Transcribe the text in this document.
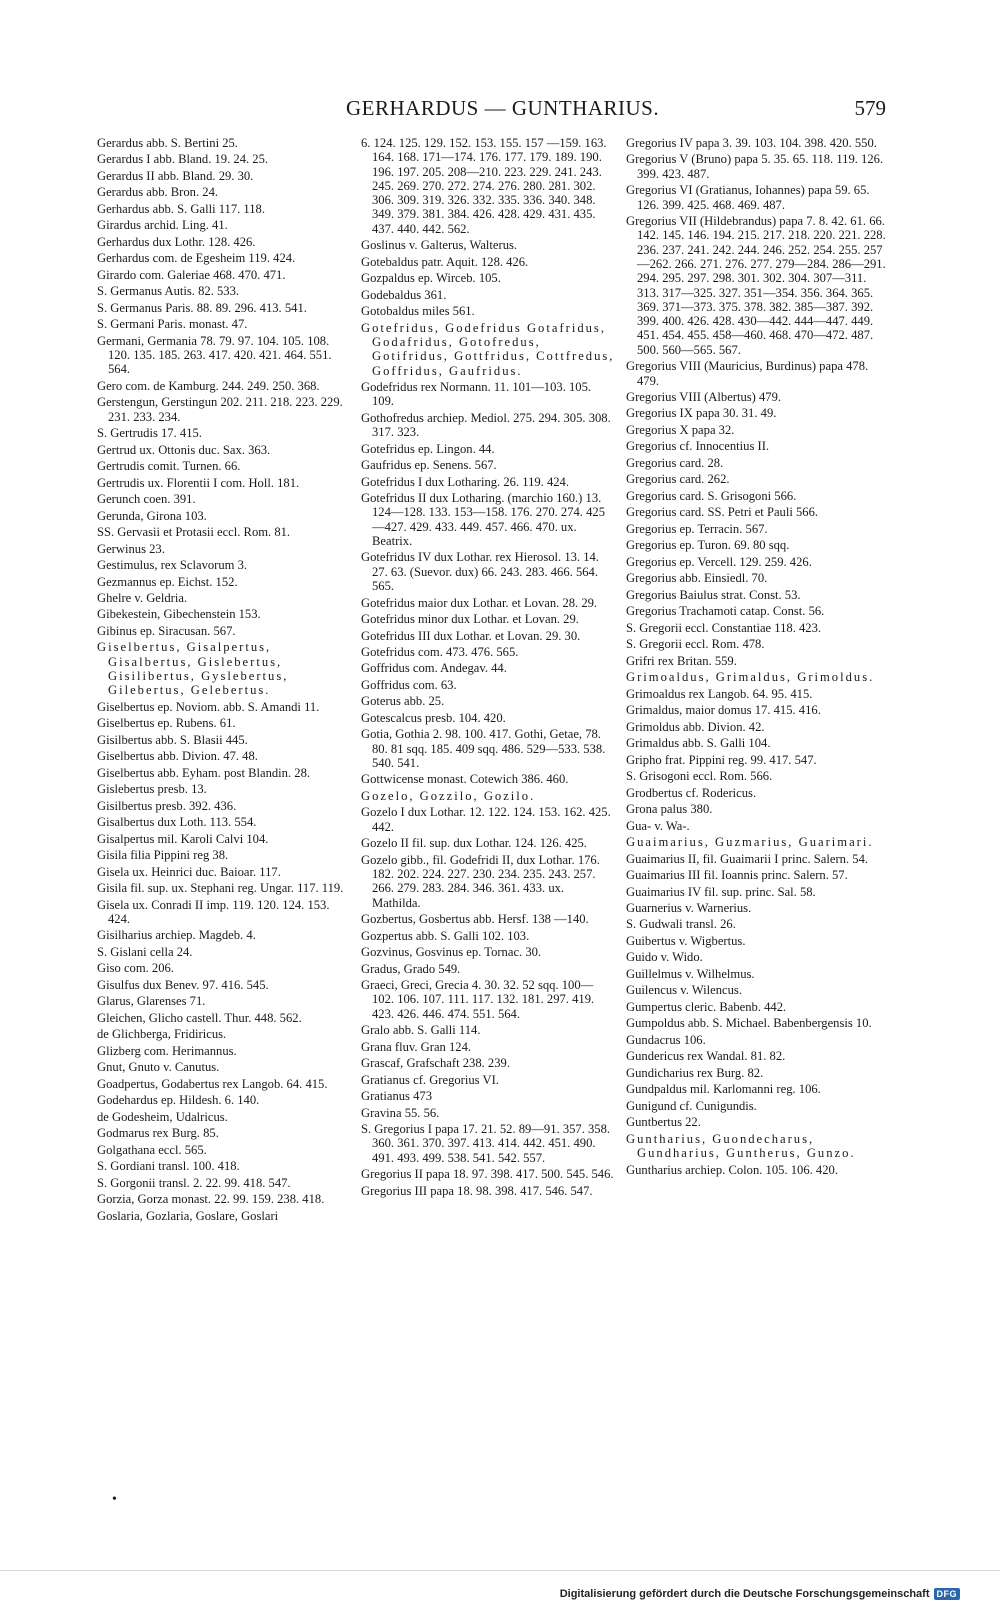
GERHARDUS — GUNTHARIUS.	579
Gerardus abb. S. Bertini 25.
Gerardus I abb. Bland. 19. 24. 25.
Gerardus II abb. Bland. 29. 30.
Gerardus abb. Bron. 24.
Gerhardus abb. S. Galli 117. 118.
Girardus archid. Ling. 41.
Gerhardus dux Lothr. 128. 426.
Gerhardus com. de Egesheim 119. 424.
Girardo com. Galeriae 468. 470. 471.
S. Germanus Autis. 82. 533.
S. Germanus Paris. 88. 89. 296. 413. 541.
S. Germani Paris. monast. 47.
Germani, Germania 78. 79. 97. 104. 105. 108. 120. 135. 185. 263. 417. 420. 421. 464. 551. 564.
Gero com. de Kamburg. 244. 249. 250. 368.
Gerstengun, Gerstingun 202. 211. 218. 223. 229. 231. 233. 234.
S. Gertrudis 17. 415.
Gertrud ux. Ottonis duc. Sax. 363.
Gertrudis comit. Turnen. 66.
Gertrudis ux. Florentii I com. Holl. 181.
Gerunch coen. 391.
Gerunda, Girona 103.
SS. Gervasii et Protasii eccl. Rom. 81.
Gerwinus 23.
Gestimulus, rex Sclavorum 3.
Gezmannus ep. Eichst. 152.
Ghelre v. Geldria.
Gibekestein, Gibechenstein 153.
Gibinus ep. Siracusan. 567.
Giselbertus, Gisalpertus, Gisalbertus, Gislebertus, Gisilibertus, Gyslebertus, Gilebertus, Gelebertus.
Giselbertus ep. Noviom. abb. S. Amandi 11.
Giselbertus ep. Rubens. 61.
Gisilbertus abb. S. Blasii 445.
Giselbertus abb. Divion. 47. 48.
Giselbertus abb. Eyham. post Blandin. 28.
Gislebertus presb. 13.
Gisilbertus presb. 392. 436.
Gisalbertus dux Loth. 113. 554.
Gisalpertus mil. Karoli Calvi 104.
Gisila filia Pippini reg 38.
Gisela ux. Heinrici duc. Baioar. 117.
Gisila fil. sup. ux. Stephani reg. Ungar. 117. 119.
Gisela ux. Conradi II imp. 119. 120. 124. 153. 424.
Gisilharius archiep. Magdeb. 4.
S. Gislani cella 24.
Giso com. 206.
Gisulfus dux Benev. 97. 416. 545.
Glarus, Glarenses 71.
Gleichen, Glicho castell. Thur. 448. 562.
de Glichberga, Fridiricus.
Glizberg com. Herimannus.
Gnut, Gnuto v. Canutus.
Goadpertus, Godabertus rex Langob. 64. 415.
Godehardus ep. Hildesh. 6. 140.
de Godesheim, Udalricus.
Godmarus rex Burg. 85.
Golgathana eccl. 565.
S. Gordiani transl. 100. 418.
S. Gorgonii transl. 2. 22. 99. 418. 547.
Gorzia, Gorza monast. 22. 99. 159. 238. 418.
Goslaria, Gozlaria, Goslare, Goslari
6. 124. 125. 129. 152. 153. 155. 157 —159. 163. 164. 168. 171—174. 176. 177. 179. 189. 190. 196. 197. 205. 208—210. 223. 229. 241. 243. 245. 269. 270. 272. 274. 276. 280. 281. 302. 306. 309. 319. 326. 332. 335. 336. 340. 348. 349. 379. 381. 384. 426. 428. 429. 431. 435. 437. 440. 442. 562.
Goslinus v. Galterus, Walterus.
Gotebaldus patr. Aquit. 128. 426.
Gozpaldus ep. Wirceb. 105.
Godebaldus 361.
Gotobaldus miles 561.
Gotefridus, Godefridus Gotafridus, Godafridus, Gotofredus, Gotifridus, Gottfridus, Cottfredus, Goffridus, Gaufridus.
Godefridus rex Normann. 11. 101—103. 105. 109.
Gothofredus archiep. Mediol. 275. 294. 305. 308. 317. 323.
Gotefridus ep. Lingon. 44.
Gaufridus ep. Senens. 567.
Gotefridus I dux Lotharing. 26. 119. 424.
Gotefridus II dux Lotharing. (marchio 160.) 13. 124—128. 133. 153—158. 176. 270. 274. 425—427. 429. 433. 449. 457. 466. 470. ux. Beatrix.
Gotefridus IV dux Lothar. rex Hierosol. 13. 14. 27. 63. (Suevor. dux) 66. 243. 283. 466. 564. 565.
Gotefridus maior dux Lothar. et Lovan. 28. 29.
Gotefridus minor dux Lothar. et Lovan. 29.
Gotefridus III dux Lothar. et Lovan. 29. 30.
Gotefridus com. 473. 476. 565.
Goffridus com. Andegav. 44.
Goffridus com. 63.
Goterus abb. 25.
Gotescalcus presb. 104. 420.
Gotia, Gothia 2. 98. 100. 417. Gothi, Getae, 78. 80. 81 sqq. 185. 409 sqq. 486. 529—533. 538. 540. 541.
Gottwicense monast. Cotewich 386. 460.
Gozelo, Gozzilo, Gozilo.
Gozelo I dux Lothar. 12. 122. 124. 153. 162. 425. 442.
Gozelo II fil. sup. dux Lothar. 124. 126. 425.
Gozelo gibb., fil. Godefridi II, dux Lothar. 176. 182. 202. 224. 227. 230. 234. 235. 243. 257. 266. 279. 283. 284. 346. 361. 433. ux. Mathilda.
Gozbertus, Gosbertus abb. Hersf. 138 —140.
Gozpertus abb. S. Galli 102. 103.
Gozvinus, Gosvinus ep. Tornac. 30.
Gradus, Grado 549.
Graeci, Greci, Grecia 4. 30. 32. 52 sqq. 100—102. 106. 107. 111. 117. 132. 181. 297. 419. 423. 426. 446. 474. 551. 564.
Gralo abb. S. Galli 114.
Grana fluv. Gran 124.
Grascaf, Grafschaft 238. 239.
Gratianus cf. Gregorius VI.
Gratianus 473
Gravina 55. 56.
S. Gregorius I papa 17. 21. 52. 89—91. 357. 358. 360. 361. 370. 397. 413. 414. 442. 451. 490. 491. 493. 499. 538. 541. 542. 557.
Gregorius II papa 18. 97. 398. 417. 500. 545. 546.
Gregorius III papa 18. 98. 398. 417. 546. 547.
Gregorius IV papa 3. 39. 103. 104. 398. 420. 550.
Gregorius V (Bruno) papa 5. 35. 65. 118. 119. 126. 399. 423. 487.
Gregorius VI (Gratianus, Iohannes) papa 59. 65. 126. 399. 425. 468. 469. 487.
Gregorius VII (Hildebrandus) papa 7. 8. 42. 61. 66. 142. 145. 146. 194. 215. 217. 218. 220. 221. 228. 236. 237. 241. 242. 244. 246. 252. 254. 255. 257—262. 266. 271. 276. 277. 279—284. 286—291. 294. 295. 297. 298. 301. 302. 304. 307—311. 313. 317—325. 327. 351—354. 356. 364. 365. 369. 371—373. 375. 378. 382. 385—387. 392. 399. 400. 426. 428. 430—442. 444—447. 449. 451. 454. 455. 458—460. 468. 470—472. 487. 500. 560—565. 567.
Gregorius VIII (Mauricius, Burdinus) papa 478. 479.
Gregorius VIII (Albertus) 479.
Gregorius IX papa 30. 31. 49.
Gregorius X papa 32.
Gregorius cf. Innocentius II.
Gregorius card. 28.
Gregorius card. 262.
Gregorius card. S. Grisogoni 566.
Gregorius card. SS. Petri et Pauli 566.
Gregorius ep. Terracin. 567.
Gregorius ep. Turon. 69. 80 sqq.
Gregorius ep. Vercell. 129. 259. 426.
Gregorius abb. Einsiedl. 70.
Gregorius Baiulus strat. Const. 53.
Gregorius Trachamoti catap. Const. 56.
S. Gregorii eccl. Constantiae 118. 423.
S. Gregorii eccl. Rom. 478.
Grifri rex Britan. 559.
Grimoaldus, Grimaldus, Grimoldus.
Grimoaldus rex Langob. 64. 95. 415.
Grimaldus, maior domus 17. 415. 416.
Grimoldus abb. Divion. 42.
Grimaldus abb. S. Galli 104.
Gripho frat. Pippini reg. 99. 417. 547.
S. Grisogoni eccl. Rom. 566.
Grodbertus cf. Rodericus.
Grona palus 380.
Gua- v. Wa-.
Guaimarius, Guzmarius, Guarimari.
Guaimarius II, fil. Guaimarii I princ. Salern. 54.
Guaimarius III fil. Ioannis princ. Salern. 57.
Guaimarius IV fil. sup. princ. Sal. 58.
Guarnerius v. Warnerius.
S. Gudwali transl. 26.
Guibertus v. Wigbertus.
Guido v. Wido.
Guillelmus v. Wilhelmus.
Guilencus v. Wilencus.
Gumpertus cleric. Babenb. 442.
Gumpoldus abb. S. Michael. Babenbergensis 10.
Gundacrus 106.
Gundericus rex Wandal. 81. 82.
Gundicharius rex Burg. 82.
Gundpaldus mil. Karlomanni reg. 106.
Gunigund cf. Cunigundis.
Guntbertus 22.
Guntharius, Guondecharus, Gundharius, Guntherus, Gunzo.
Guntharius archiep. Colon. 105. 106. 420.
•
Digitalisierung gefördert durch die Deutsche Forschungsgemeinschaft DFG
